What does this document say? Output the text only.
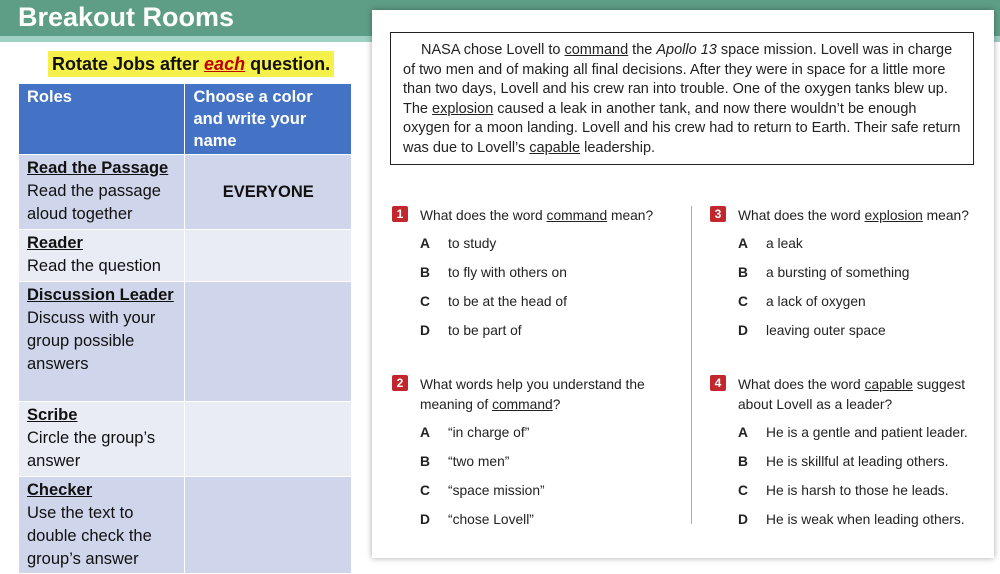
Breakout Rooms
Rotate Jobs after each question.
Roles	Choose a color and write your name

Read the Passage
Read the passage aloud together	EVERYONE

Reader
Read the question	

Discussion Leader
Discuss with your group possible answers	

Scribe
Circle the group’s answer	

Checker
Use the text to double check the group’s answer	

NASA chose Lovell to command the Apollo 13 space mission. Lovell was in charge of two men and of making all final decisions. After they were in space for a little more than two days, Lovell and his crew ran into trouble. One of the oxygen tanks blew up. The explosion caused a leak in another tank, and now there wouldn’t be enough oxygen for a moon landing. Lovell and his crew had to return to Earth. Their safe return was due to Lovell’s capable leadership.
1	What does the word command mean?
A to study
B to fly with others on
C to be at the head of
D to be part of
2	What words help you understand the meaning of command?
A “in charge of”
B “two men”
C “space mission”
D “chose Lovell”
3	What does the word explosion mean?
A a leak
B a bursting of something
C a lack of oxygen
D leaving outer space
4	What does the word capable suggest about Lovell as a leader?
A He is a gentle and patient leader.
B He is skillful at leading others.
C He is harsh to those he leads.
D He is weak when leading others.
